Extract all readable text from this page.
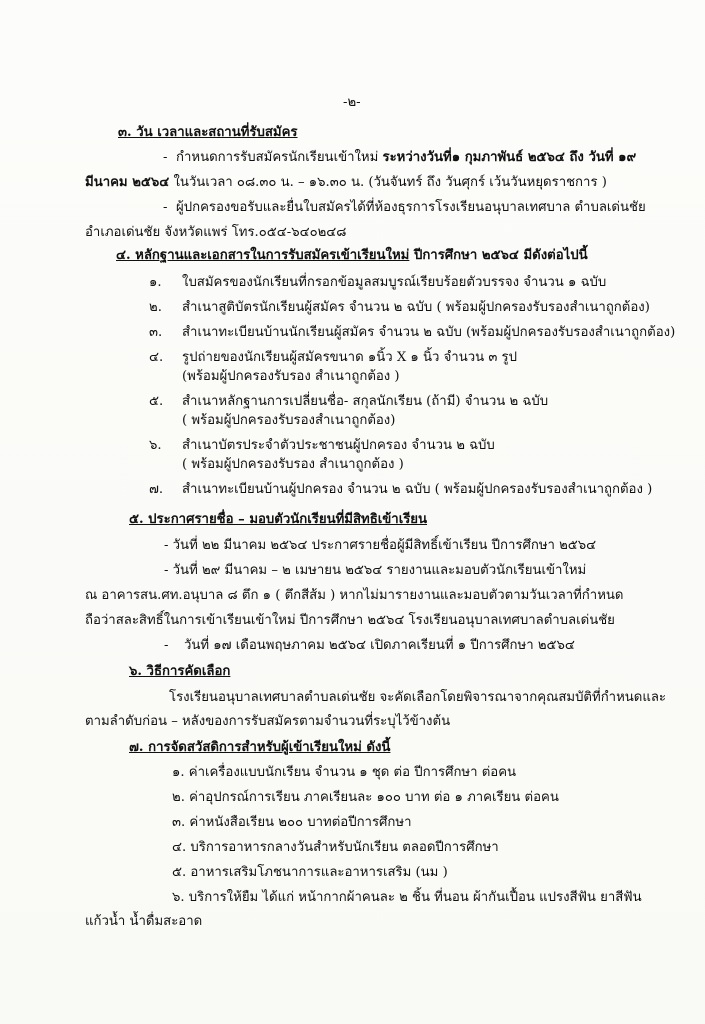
-๒-
๓. วัน เวลาและสถานที่รับสมัคร
- กำหนดการรับสมัครนักเรียนเข้าใหม่ ระหว่างวันที่๑ กุมภาพันธ์ ๒๕๖๔ ถึง วันที่ ๑๙
มีนาคม ๒๕๖๔ ในวันเวลา ๐๘.๓๐ น. – ๑๖.๓๐ น. (วันจันทร์ ถึง วันศุกร์ เว้นวันหยุดราชการ )
- ผู้ปกครองขอรับและยื่นใบสมัครได้ที่ห้องธุรการโรงเรียนอนุบาลเทศบาล ตำบลเด่นชัย
อำเภอเด่นชัย จังหวัดแพร่ โทร.๐๕๔-๖๔๐๒๔๘
๔. หลักฐานและเอกสารในการรับสมัครเข้าเรียนใหม่ ปีการศึกษา ๒๕๖๔ มีดังต่อไปนี้
๑. ใบสมัครของนักเรียนที่กรอกข้อมูลสมบูรณ์เรียบร้อยตัวบรรจง จำนวน ๑ ฉบับ
๒. สำเนาสูติบัตรนักเรียนผู้สมัคร จำนวน ๒ ฉบับ ( พร้อมผู้ปกครองรับรองสำเนาถูกต้อง)
๓. สำเนาทะเบียนบ้านนักเรียนผู้สมัคร จำนวน ๒ ฉบับ (พร้อมผู้ปกครองรับรองสำเนาถูกต้อง)
๔. รูปถ่ายของนักเรียนผู้สมัครขนาด ๑นิ้ว X ๑ นิ้ว จำนวน ๓ รูป
(พร้อมผู้ปกครองรับรอง สำเนาถูกต้อง )
๕. สำเนาหลักฐานการเปลี่ยนชื่อ- สกุลนักเรียน (ถ้ามี) จำนวน ๒ ฉบับ
( พร้อมผู้ปกครองรับรองสำเนาถูกต้อง)
๖. สำเนาบัตรประจำตัวประชาชนผู้ปกครอง จำนวน ๒ ฉบับ
( พร้อมผู้ปกครองรับรอง สำเนาถูกต้อง )
๗. สำเนาทะเบียนบ้านผู้ปกครอง จำนวน ๒ ฉบับ ( พร้อมผู้ปกครองรับรองสำเนาถูกต้อง )
๕. ประกาศรายชื่อ – มอบตัวนักเรียนที่มีสิทธิเข้าเรียน
- วันที่ ๒๒ มีนาคม ๒๕๖๔ ประกาศรายชื่อผู้มีสิทธิ์เข้าเรียน ปีการศึกษา ๒๕๖๔
- วันที่ ๒๙ มีนาคม – ๒ เมษายน ๒๕๖๔ รายงานและมอบตัวนักเรียนเข้าใหม่
ณ อาคารสน.ศท.อนุบาล ๘ ตึก ๑ ( ตึกสีส้ม ) หากไม่มารายงานและมอบตัวตามวันเวลาที่กำหนด
ถือว่าสละสิทธิ์ในการเข้าเรียนเข้าใหม่ ปีการศึกษา ๒๕๖๔ โรงเรียนอนุบาลเทศบาลตำบลเด่นชัย
- วันที่ ๑๗ เดือนพฤษภาคม ๒๕๖๔ เปิดภาคเรียนที่ ๑ ปีการศึกษา ๒๕๖๔
๖. วิธีการคัดเลือก
โรงเรียนอนุบาลเทศบาลตำบลเด่นชัย จะคัดเลือกโดยพิจารณาจากคุณสมบัติที่กำหนดและ
ตามลำดับก่อน – หลังของการรับสมัครตามจำนวนที่ระบุไว้ข้างต้น
๗. การจัดสวัสดิการสำหรับผู้เข้าเรียนใหม่ ดังนี้
๑. ค่าเครื่องแบบนักเรียน จำนวน ๑ ชุด ต่อ ปีการศึกษา ต่อคน
๒. ค่าอุปกรณ์การเรียน ภาคเรียนละ ๑๐๐ บาท ต่อ ๑ ภาคเรียน ต่อคน
๓. ค่าหนังสือเรียน ๒๐๐ บาทต่อปีการศึกษา
๔. บริการอาหารกลางวันสำหรับนักเรียน ตลอดปีการศึกษา
๕. อาหารเสริมโภชนาการและอาหารเสริม (นม )
๖. บริการให้ยืม ได้แก่ หน้ากากผ้าคนละ ๒ ชิ้น ที่นอน ผ้ากันเปื้อน แปรงสีฟัน ยาสีฟัน
แก้วน้ำ น้ำดื่มสะอาด
